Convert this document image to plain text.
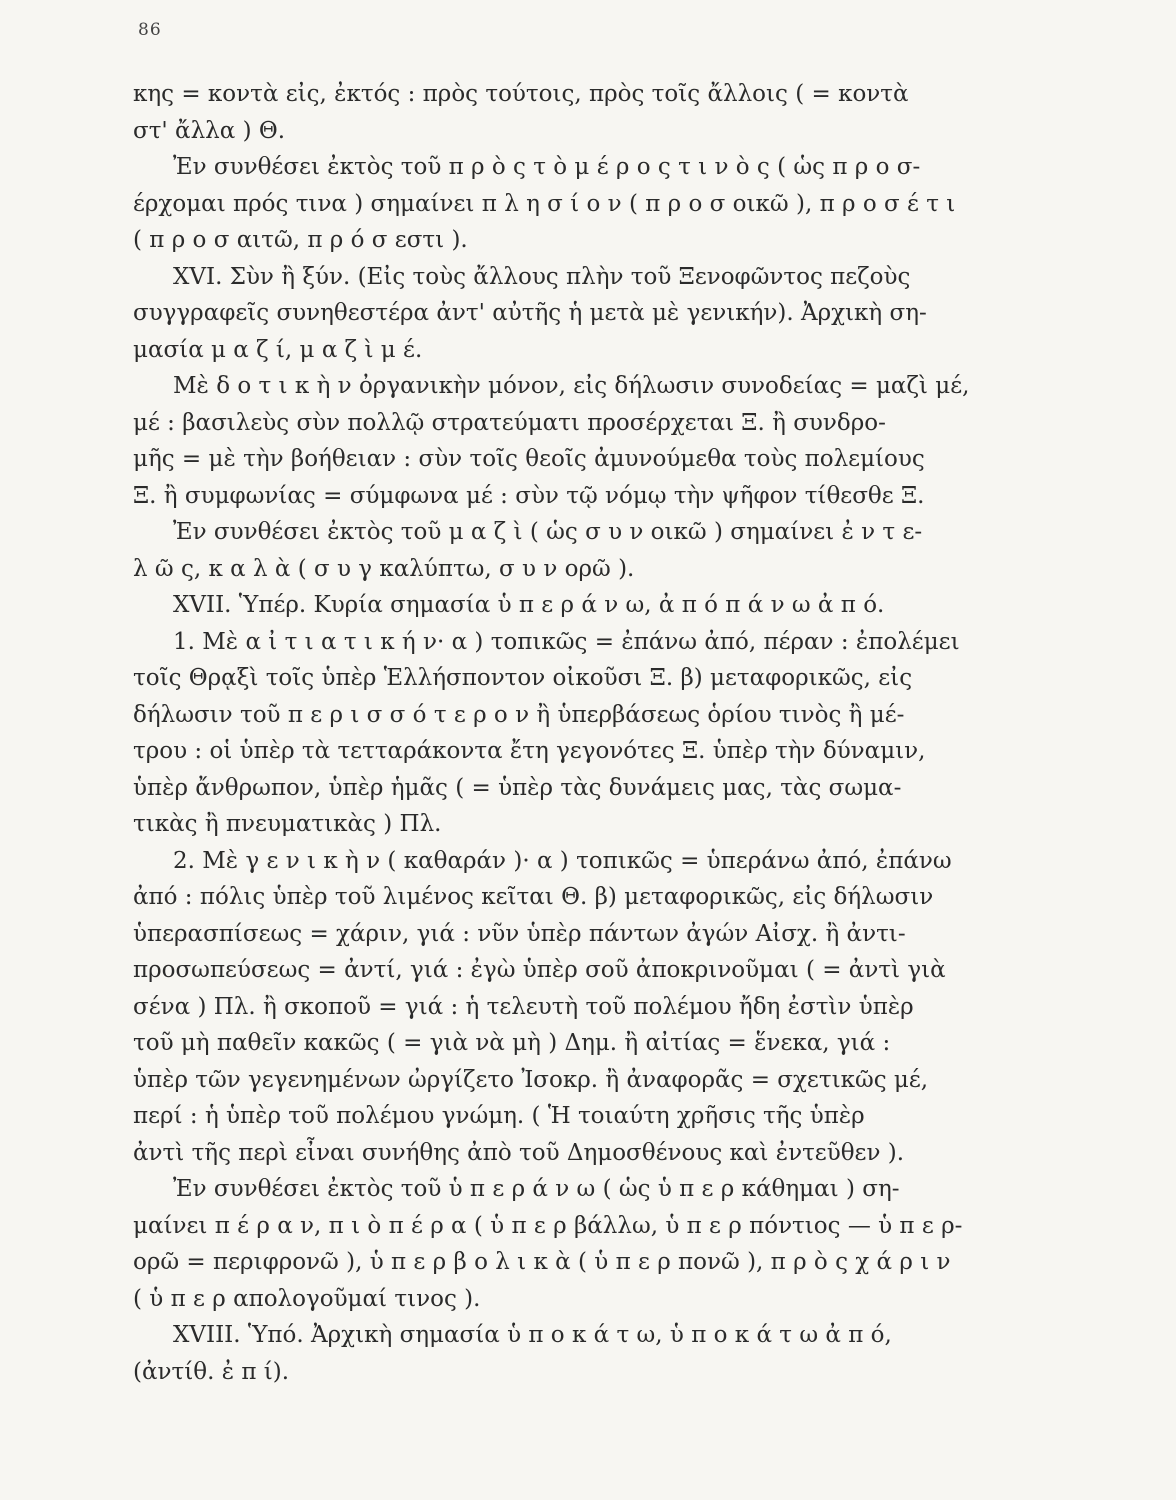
86
κης = κοντὰ εἰς, ἐκτός : πρὸς τούτοις, πρὸς τοῖς ἄλλοις ( = κοντὰ
στ' ἄλλα ) Θ.
Ἐν συνθέσει ἐκτὸς τοῦ π ρ ὸ ς τ ὸ μ έ ρ ο ς τ ι ν ὸ ς ( ὡς π ρ ο σ-
έρχομαι πρός τινα ) σημαίνει π λ η σ ί ο ν ( π ρ ο σ οικῶ ), π ρ ο σ έ τ ι
( π ρ ο σ αιτῶ, π ρ ό σ εστι ).
XVI. Σὺν ἢ ξύν. (Εἰς τοὺς ἄλλους πλὴν τοῦ Ξενοφῶντος πεζοὺς
συγγραφεῖς συνηθεστέρα ἀντ' αὐτῆς ἡ μετὰ μὲ γενικήν). Ἀρχικὴ ση-
μασία μ α ζ ί, μ α ζ ὶ μ έ.
Μὲ δ ο τ ι κ ὴ ν ὀργανικὴν μόνον, εἰς δήλωσιν συνοδείας = μαζὶ μέ,
μέ : βασιλεὺς σὺν πολλῷ στρατεύματι προσέρχεται Ξ. ἢ συνδρο-
μῆς = μὲ τὴν βοήθειαν : σὺν τοῖς θεοῖς ἀμυνούμεθα τοὺς πολεμίους
Ξ. ἢ συμφωνίας = σύμφωνα μέ : σὺν τῷ νόμῳ τὴν ψῆφον τίθεσθε Ξ.
Ἐν συνθέσει ἐκτὸς τοῦ μ α ζ ὶ ( ὡς σ υ ν οικῶ ) σημαίνει ἐ ν τ ε-
λ ῶ ς, κ α λ ὰ ( σ υ γ καλύπτω, σ υ ν ορῶ ).
XVII. Ὑπέρ. Κυρία σημασία ὑ π ε ρ ά ν ω, ἀ π ό π ά ν ω ἀ π ό.
1. Μὲ α ἰ τ ι α τ ι κ ή ν· α ) τοπικῶς = ἐπάνω ἀπό, πέραν : ἐπολέμει
τοῖς Θρᾳξὶ τοῖς ὑπὲρ Ἑλλήσποντον οἰκοῦσι Ξ. β) μεταφορικῶς, εἰς
δήλωσιν τοῦ π ε ρ ι σ σ ό τ ε ρ ο ν ἢ ὑπερβάσεως ὁρίου τινὸς ἢ μέ-
τρου : οἱ ὑπὲρ τὰ τετταράκοντα ἔτη γεγονότες Ξ. ὑπὲρ τὴν δύναμιν,
ὑπὲρ ἄνθρωπον, ὑπὲρ ἡμᾶς ( = ὑπὲρ τὰς δυνάμεις μας, τὰς σωμα-
τικὰς ἢ πνευματικὰς ) Πλ.
2. Μὲ γ ε ν ι κ ὴ ν ( καθαράν )· α ) τοπικῶς = ὑπεράνω ἀπό, ἐπάνω
ἀπό : πόλις ὑπὲρ τοῦ λιμένος κεῖται Θ. β) μεταφορικῶς, εἰς δήλωσιν
ὑπερασπίσεως = χάριν, γιά : νῦν ὑπὲρ πάντων ἀγών Αἰσχ. ἢ ἀντι-
προσωπεύσεως = ἀντί, γιά : ἐγὼ ὑπὲρ σοῦ ἀποκρινοῦμαι ( = ἀντὶ γιὰ
σένα ) Πλ. ἢ σκοποῦ = γιά : ἡ τελευτὴ τοῦ πολέμου ἤδη ἐστὶν ὑπὲρ
τοῦ μὴ παθεῖν κακῶς ( = γιὰ νὰ μὴ ) Δημ. ἢ αἰτίας = ἕνεκα, γιά :
ὑπὲρ τῶν γεγενημένων ὠργίζετο Ἰσοκρ. ἢ ἀναφορᾶς = σχετικῶς μέ,
περί : ἡ ὑπὲρ τοῦ πολέμου γνώμη. ( Ἡ τοιαύτη χρῆσις τῆς ὑπὲρ
ἀντὶ τῆς περὶ εἶναι συνήθης ἀπὸ τοῦ Δημοσθένους καὶ ἐντεῦθεν ).
Ἐν συνθέσει ἐκτὸς τοῦ ὑ π ε ρ ά ν ω ( ὡς ὑ π ε ρ κάθημαι ) ση-
μαίνει π έ ρ α ν, π ι ὸ π έ ρ α ( ὑ π ε ρ βάλλω, ὑ π ε ρ πόντιος — ὑ π ε ρ-
ορῶ = περιφρονῶ ), ὑ π ε ρ β ο λ ι κ ὰ ( ὑ π ε ρ πονῶ ), π ρ ὸ ς χ ά ρ ι ν
( ὑ π ε ρ απολογοῦμαί τινος ).
XVIII. Ὑπό. Ἀρχικὴ σημασία ὑ π ο κ ά τ ω, ὑ π ο κ ά τ ω ἀ π ό,
(ἀντίθ. ἐ π ί).
